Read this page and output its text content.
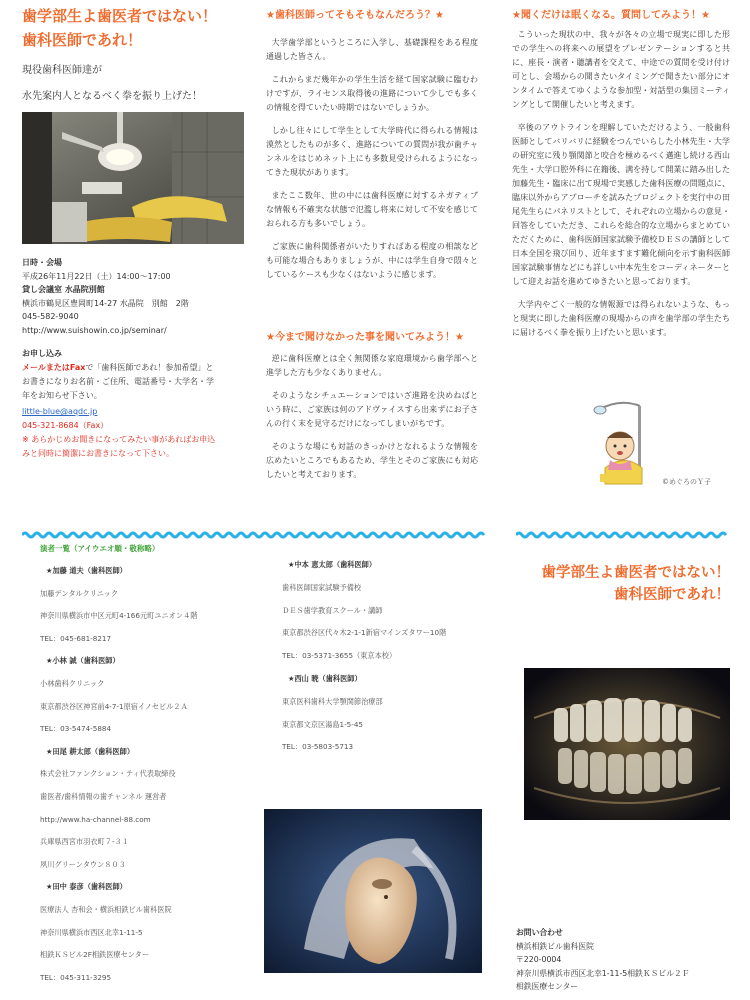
歯学部生よ歯医者ではない！
歯科医師であれ！
現役歯科医師達が
水先案内人となるべく拳を振り上げた！
日時・会場
平成26年11月22日（土）14:00〜17:00
貸し会議室 水晶院別館
横浜市鶴見区豊岡町14-27 水晶院　別館　2階
045-582-9040
http://www.suishowin.co.jp/seminar/
お申し込み
メールまたはFaxで「歯科医師であれ！参加希望」と
お書きになりお名前・ご住所、電話番号・大学名・学
年をお知らせ下さい。
little-blue@aqdc.jp
045-321-8684（Fax）
※ あらかじめお聞きになってみたい事があればお申込
みと同時に簡潔にお書きになって下さい。
★歯科医師ってそもそもなんだろう？★

大学歯学部というところに入学し、基礎課程をある程度通過した皆さん。

これからまだ幾年かの学生生活を経て国家試験に臨むわけですが、ライセンス取得後の進路について少しでも多くの情報を得ていたい時期ではないでしょうか。

しかし往々にして学生として大学時代に得られる情報は漠然としたものが多く、進路についての質問が我が歯チャンネルをはじめネット上にも多数見受けられるようになってきた現状があります。

またここ数年、世の中には歯科医療に対するネガティブな情報も不確実な状態で氾濫し将来に対して不安を感じておられる方も多いでしょう。

ご家族に歯科関係者がいたりすればある程度の相談なども可能な場合もありましょうが、中には学生自身で悶々としているケースも少なくはないように感じます。

★今まで聞けなかった事を聞いてみよう！★

逆に歯科医療とは全く無関係な家庭環境から歯学部へと進学した方も少なくありません。

そのようなシチュエーションではいざ進路を決めねばという時に、ご家族は何のアドヴァイスすら出来ずにお子さんの行く末を見守るだけになってしまいがちです。

そのような場にも対話のきっかけとなれるような情報を広めたいところでもあるため、学生とそのご家族にも対応したいと考えております。

★聞くだけは眠くなる。質問してみよう！★

こういった現状の中、我々が各々の立場で現実に即した形での学生への将来への展望をプレゼンテーションすると共に、座長・演者・聴講者を交えて、中途での質問を受け付け可とし、会場からの聞きたいタイミングで聞きたい部分にオンタイムで答えてゆくような参加型・対話型の集団ミーティングとして開催したいと考えます。

卒後のアウトラインを理解していただけるよう、一般歯科医師としてバリバリに経験をつんでいらした小林先生・大学の研究室に残り顎関節と咬合を極めるべく邁進し続ける西山先生・大学口腔外科に在籍後、满を持して開業に踏み出した加藤先生・臨床に出て現場で実感した歯科医療の問題点に、臨床以外からアプローチを試みたプロジェクトを実行中の田尾先生らにパネリストとして、それぞれの立場からの意見・回答をしていただき、これらを総合的な立場からまとめていただくために、歯科医師国家試験予備校ＤＥＳの講師として日本全国を飛び回り、近年ますます難化傾向を示す歯科医師国家試験事情などにも詳しい中本先生をコーディネーターとして迎えお話を進めてゆきたいと思っております。

大学内やごく一般的な情報源では得られないような、もっと現実に即した歯科医療の現場からの声を歯学部の学生たちに届けるべく拳を振り上げたいと思います。

©めぐろのＹ子
演者一覧（アイウエオ順・敬称略）
★加藤 道夫（歯科医師）
加藤デンタルクリニック
神奈川県横浜市中区元町4-166元町ユニオン４階
TEL：045-681-8217
★小林 誠（歯科医師）
小林歯科クリニック
東京都渋谷区神宮前4-7-1原宿イノセビル２Ａ
TEL：03-5474-5884
★田尾 耕太郎（歯科医師）
株式会社ファンクション・ティ代表取締役
歯医者/歯科情報の歯チャンネル 運営者
http://www.ha-channel-88.com
兵庫県西宮市羽衣町７-３１
夙川グリーンタウン８０３
★田中 泰彦（歯科医師）
医療法人 杏和会・横浜相鉄ビル歯科医院
神奈川県横浜市西区北幸1-11-5
相鉄ＫＳビル2F相鉄医療センター
TEL：045-311-3295
★中本 恵太郎（歯科医師）
歯科医師国家試験予備校
ＤＥＳ歯学教育スクール・講師
東京都渋谷区代々木2-1-1新宿マインズタワー10階
TEL：03-5371-3655（東京本校）
★西山 暁（歯科医師）
東京医科歯科大学顎関節治療部
東京都文京区湯島1-5-45
TEL：03-5803-5713
歯学部生よ歯医者ではない！
歯科医師であれ！
お問い合わせ
横浜相鉄ビル歯科医院
〒220-0004
神奈川県横浜市西区北幸1-11-5相鉄ＫＳビル２Ｆ
相鉄医療センター
